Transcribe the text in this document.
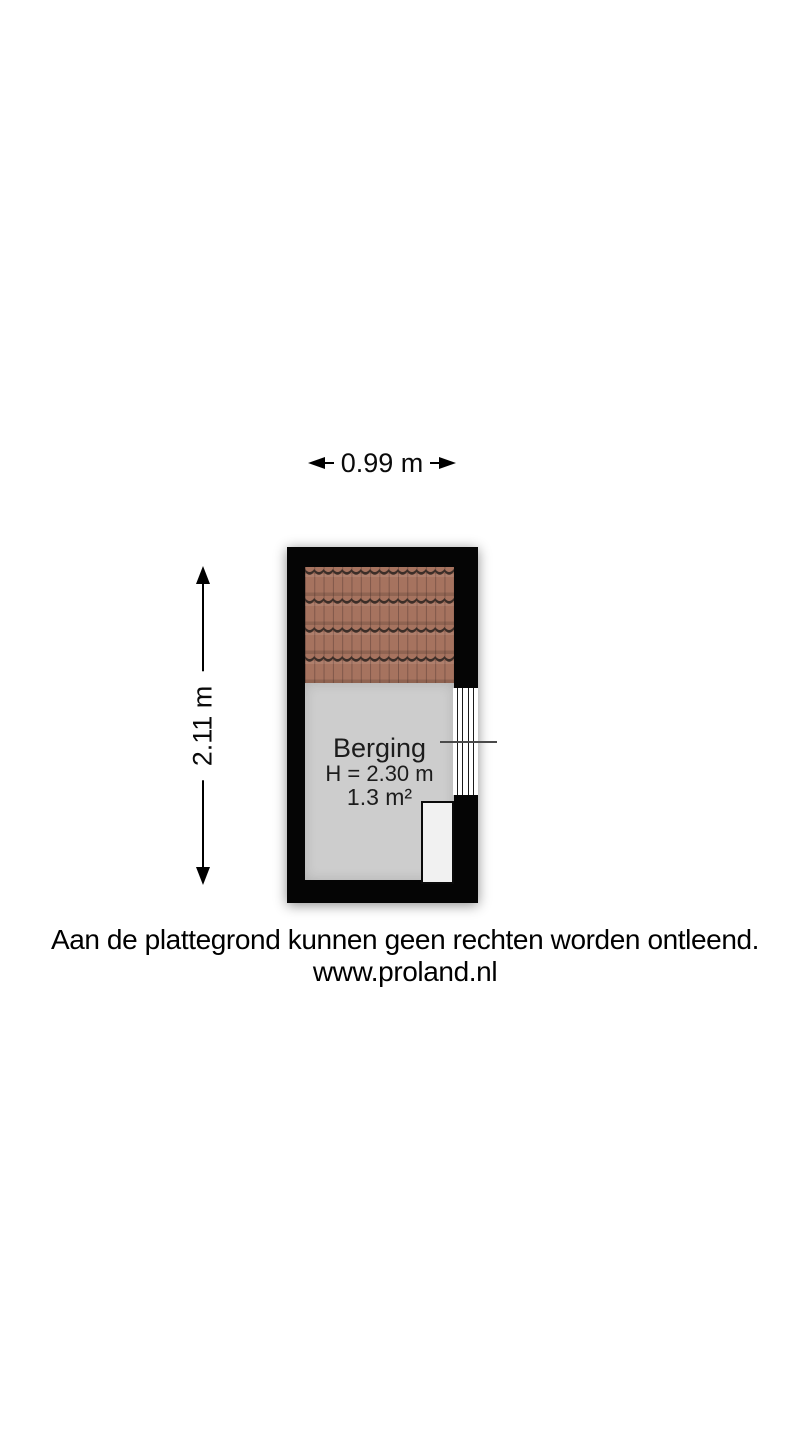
0.99 m
2.11 m	Berging
H = 2.30 m
1.3 m²
Aan de plattegrond kunnen geen rechten worden ontleend.
www.proland.nl
